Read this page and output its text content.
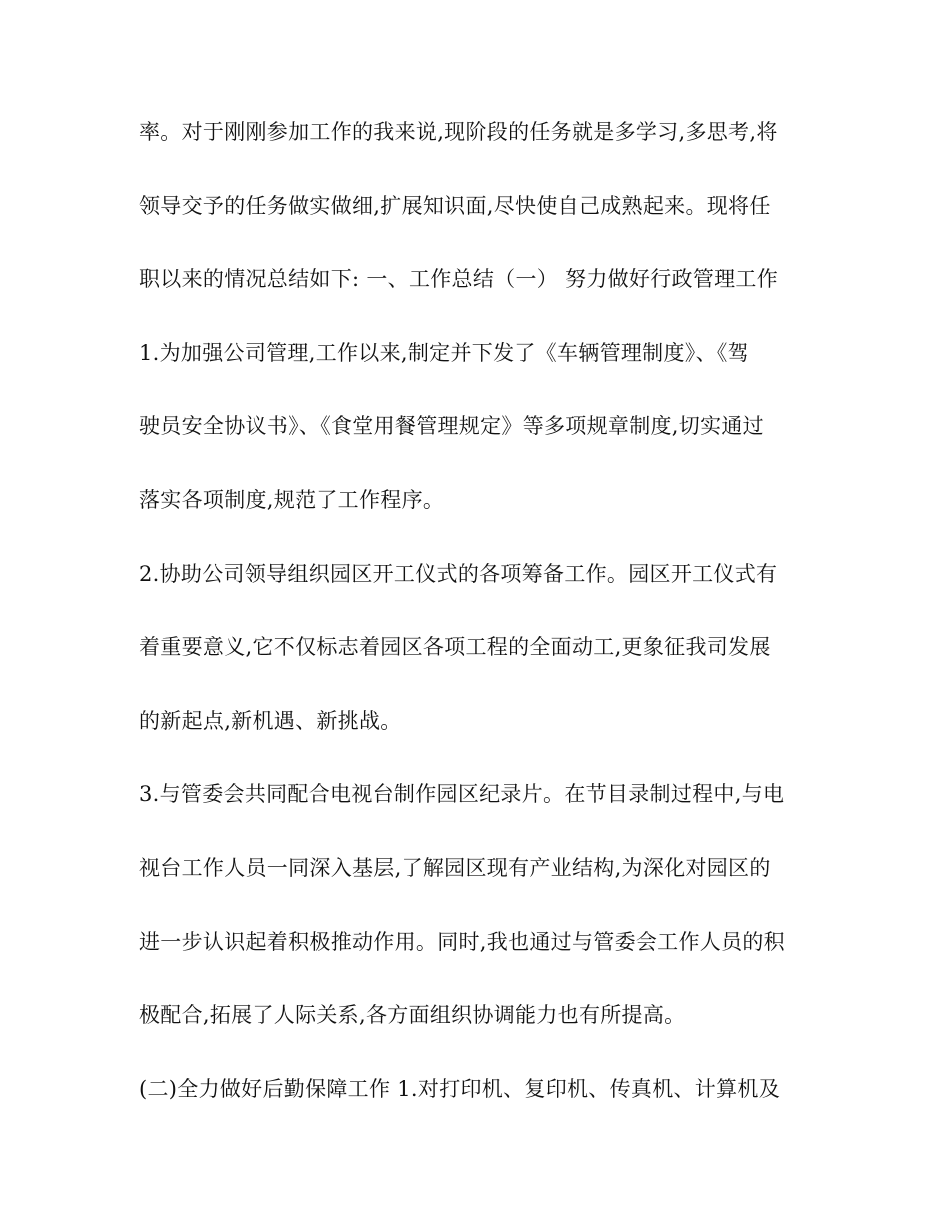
率。对于刚刚参加工作的我来说,现阶段的任务就是多学习,多思考,将
领导交予的任务做实做细,扩展知识面,尽快使自己成熟起来。现将任
职以来的情况总结如下: 一、工作总结（一） 努力做好行政管理工作
1.为加强公司管理,工作以来,制定并下发了《车辆管理制度》、《驾
驶员安全协议书》、《食堂用餐管理规定》等多项规章制度,切实通过
落实各项制度,规范了工作程序。
2.协助公司领导组织园区开工仪式的各项筹备工作。园区开工仪式有
着重要意义,它不仅标志着园区各项工程的全面动工,更象征我司发展
的新起点,新机遇、新挑战。
3.与管委会共同配合电视台制作园区纪录片。在节目录制过程中,与电
视台工作人员一同深入基层,了解园区现有产业结构,为深化对园区的
进一步认识起着积极推动作用。同时,我也通过与管委会工作人员的积
极配合,拓展了人际关系,各方面组织协调能力也有所提高。
(二)全力做好后勤保障工作 1.对打印机、复印机、传真机、计算机及
